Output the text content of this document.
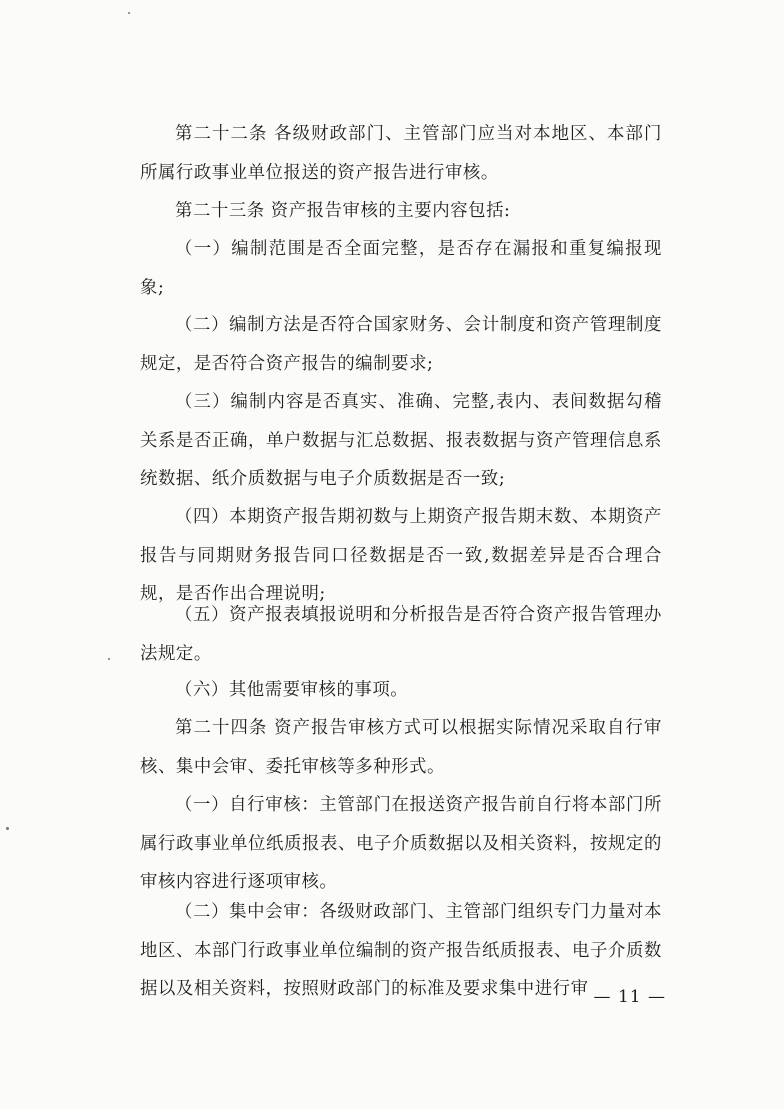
第二十二条 各级财政部门、主管部门应当对本地区、本部门所属行政事业单位报送的资产报告进行审核。

第二十三条 资产报告审核的主要内容包括:

（一）编制范围是否全面完整，是否存在漏报和重复编报现象;

（二）编制方法是否符合国家财务、会计制度和资产管理制度规定，是否符合资产报告的编制要求;

（三）编制内容是否真实、准确、完整,表内、表间数据勾稽关系是否正确，单户数据与汇总数据、报表数据与资产管理信息系统数据、纸介质数据与电子介质数据是否一致;

（四）本期资产报告期初数与上期资产报告期末数、本期资产报告与同期财务报告同口径数据是否一致,数据差异是否合理合规，是否作出合理说明;

（五）资产报表填报说明和分析报告是否符合资产报告管理办法规定。

（六）其他需要审核的事项。

第二十四条 资产报告审核方式可以根据实际情况采取自行审核、集中会审、委托审核等多种形式。

（一）自行审核：主管部门在报送资产报告前自行将本部门所属行政事业单位纸质报表、电子介质数据以及相关资料，按规定的审核内容进行逐项审核。

（二）集中会审：各级财政部门、主管部门组织专门力量对本地区、本部门行政事业单位编制的资产报告纸质报表、电子介质数据以及相关资料，按照财政部门的标准及要求集中进行审 — 11 —
